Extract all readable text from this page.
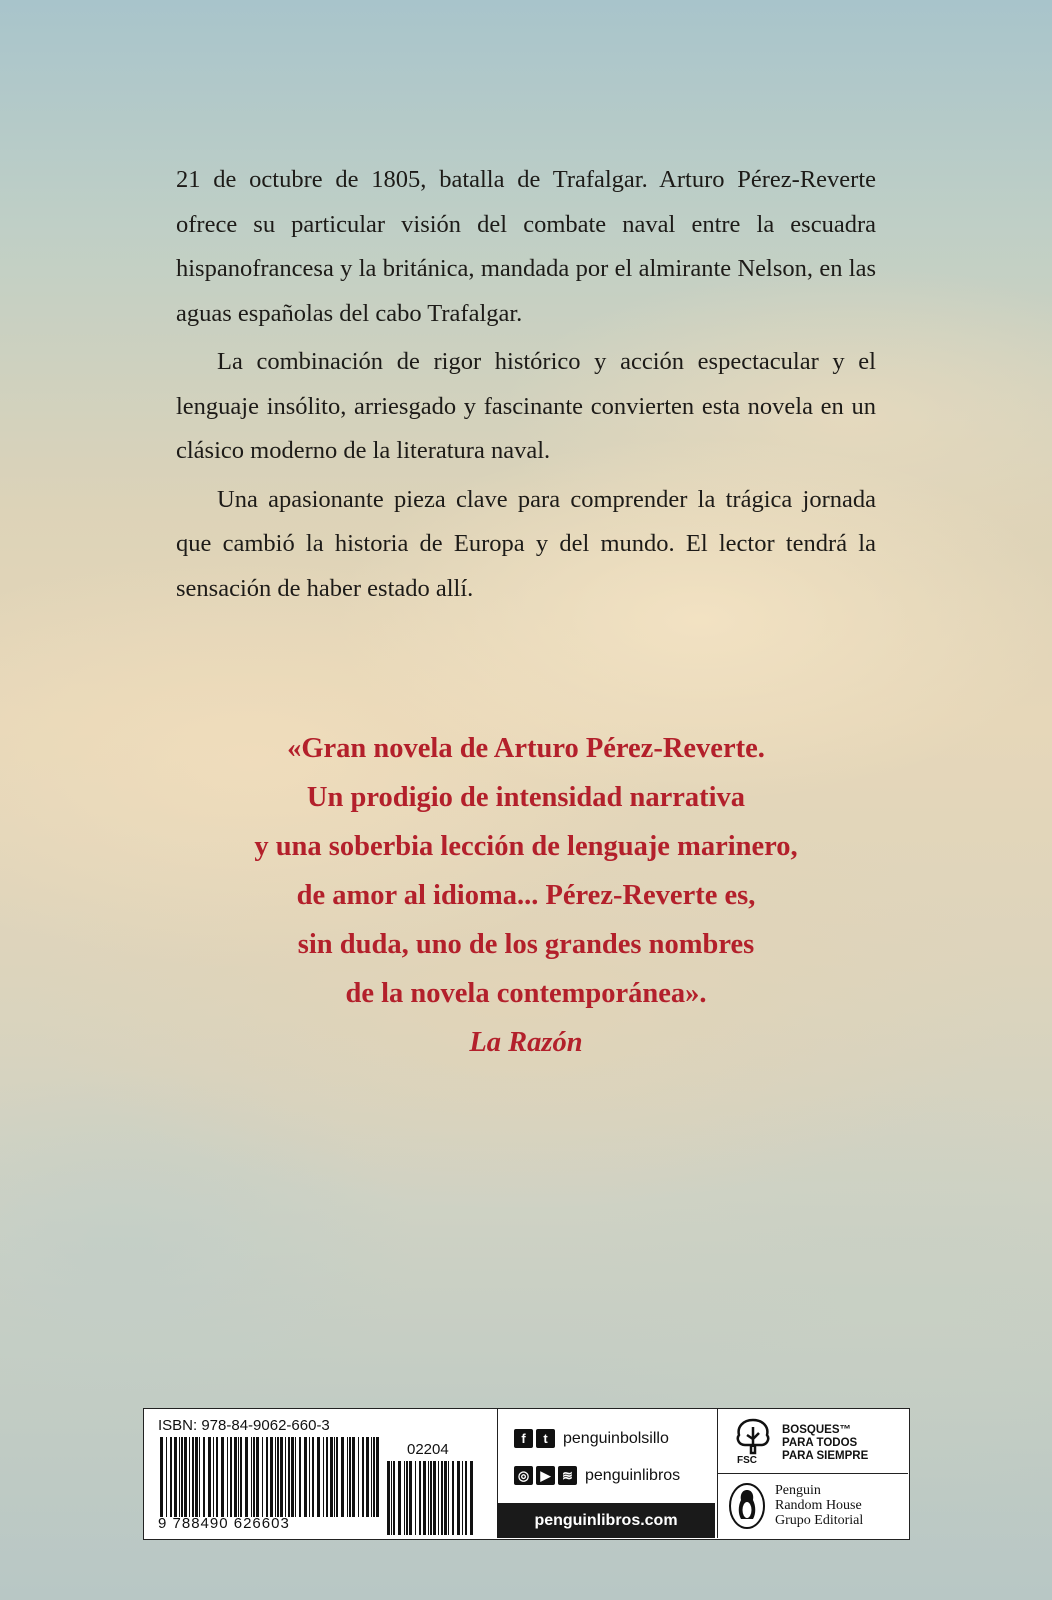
21 de octubre de 1805, batalla de Trafalgar. Arturo Pérez-Reverte ofrece su particular visión del combate naval entre la escuadra hispanofrancesa y la británica, mandada por el almirante Nelson, en las aguas españolas del cabo Trafalgar.

La combinación de rigor histórico y acción espectacular y el lenguaje insólito, arriesgado y fascinante convierten esta novela en un clásico moderno de la literatura naval.

Una apasionante pieza clave para comprender la trágica jornada que cambió la historia de Europa y del mundo. El lector tendrá la sensación de haber estado allí.

«Gran novela de Arturo Pérez-Reverte.
Un prodigio de intensidad narrativa
y una soberbia lección de lenguaje marinero,
de amor al idioma... Pérez-Reverte es,
sin duda, uno de los grandes nombres
de la novela contemporánea».
La Razón
ISBN: 978-84-9062-660-3
02204
9 788490 626603
f	t penguinbolsillo
◎ ▶ ≋ penguinlibros
penguinlibros.com
BOSQUES™
PARA TODOS
PARA SIEMPRE
FSC
Penguin
Random House
Grupo Editorial
